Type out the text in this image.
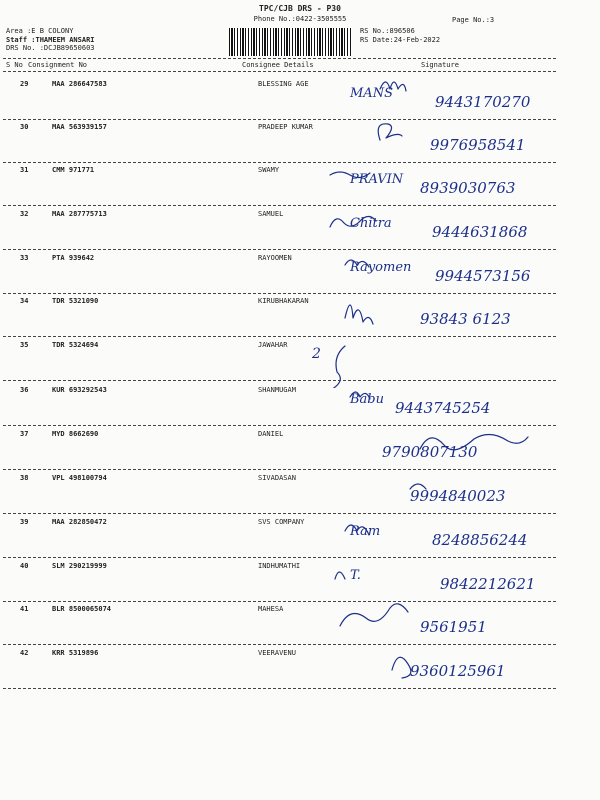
TPC/CJB DRS - P30
Phone No.:0422-3505555	Page No.:3
Area :E B COLONY
Staff :THAMEEM ANSARI
DRS No. :DCJB89650603
RS No.:896506
RS Date:24-Feb-2022
S No Consignment No	Consignee Details	Signature
29	MAA 286647583	BLESSING AGE
MANS	9443170270
30	MAA 563939157	PRADEEP KUMAR
9976958541
31	CMM 971771	SWAMY
PRAVIN 8939030763
32	MAA 287775713	SAMUEL
Chitra	9444631868
33	PTA 939642	RAYOOMEN
Rayomen 9944573156
34	TDR 5321090	KIRUBHAKARAN
93843 6123
35	TDR 5324694	JAWAHAR
2
36	KUR 693292543	SHANMUGAM
Babu 9443745254
37	MYD 8662690	DANIEL
9790807130
38	VPL 498100794	SIVADASAN
9994840023
39	MAA 282850472	SVS COMPANY
Ram	8248856244
40	SLM 290219999	INDHUMATHI
T.	9842212621
41	BLR 8500065074	MAHESA
9561951
42	KRR 5319896	VEERAVENU
9360125961
